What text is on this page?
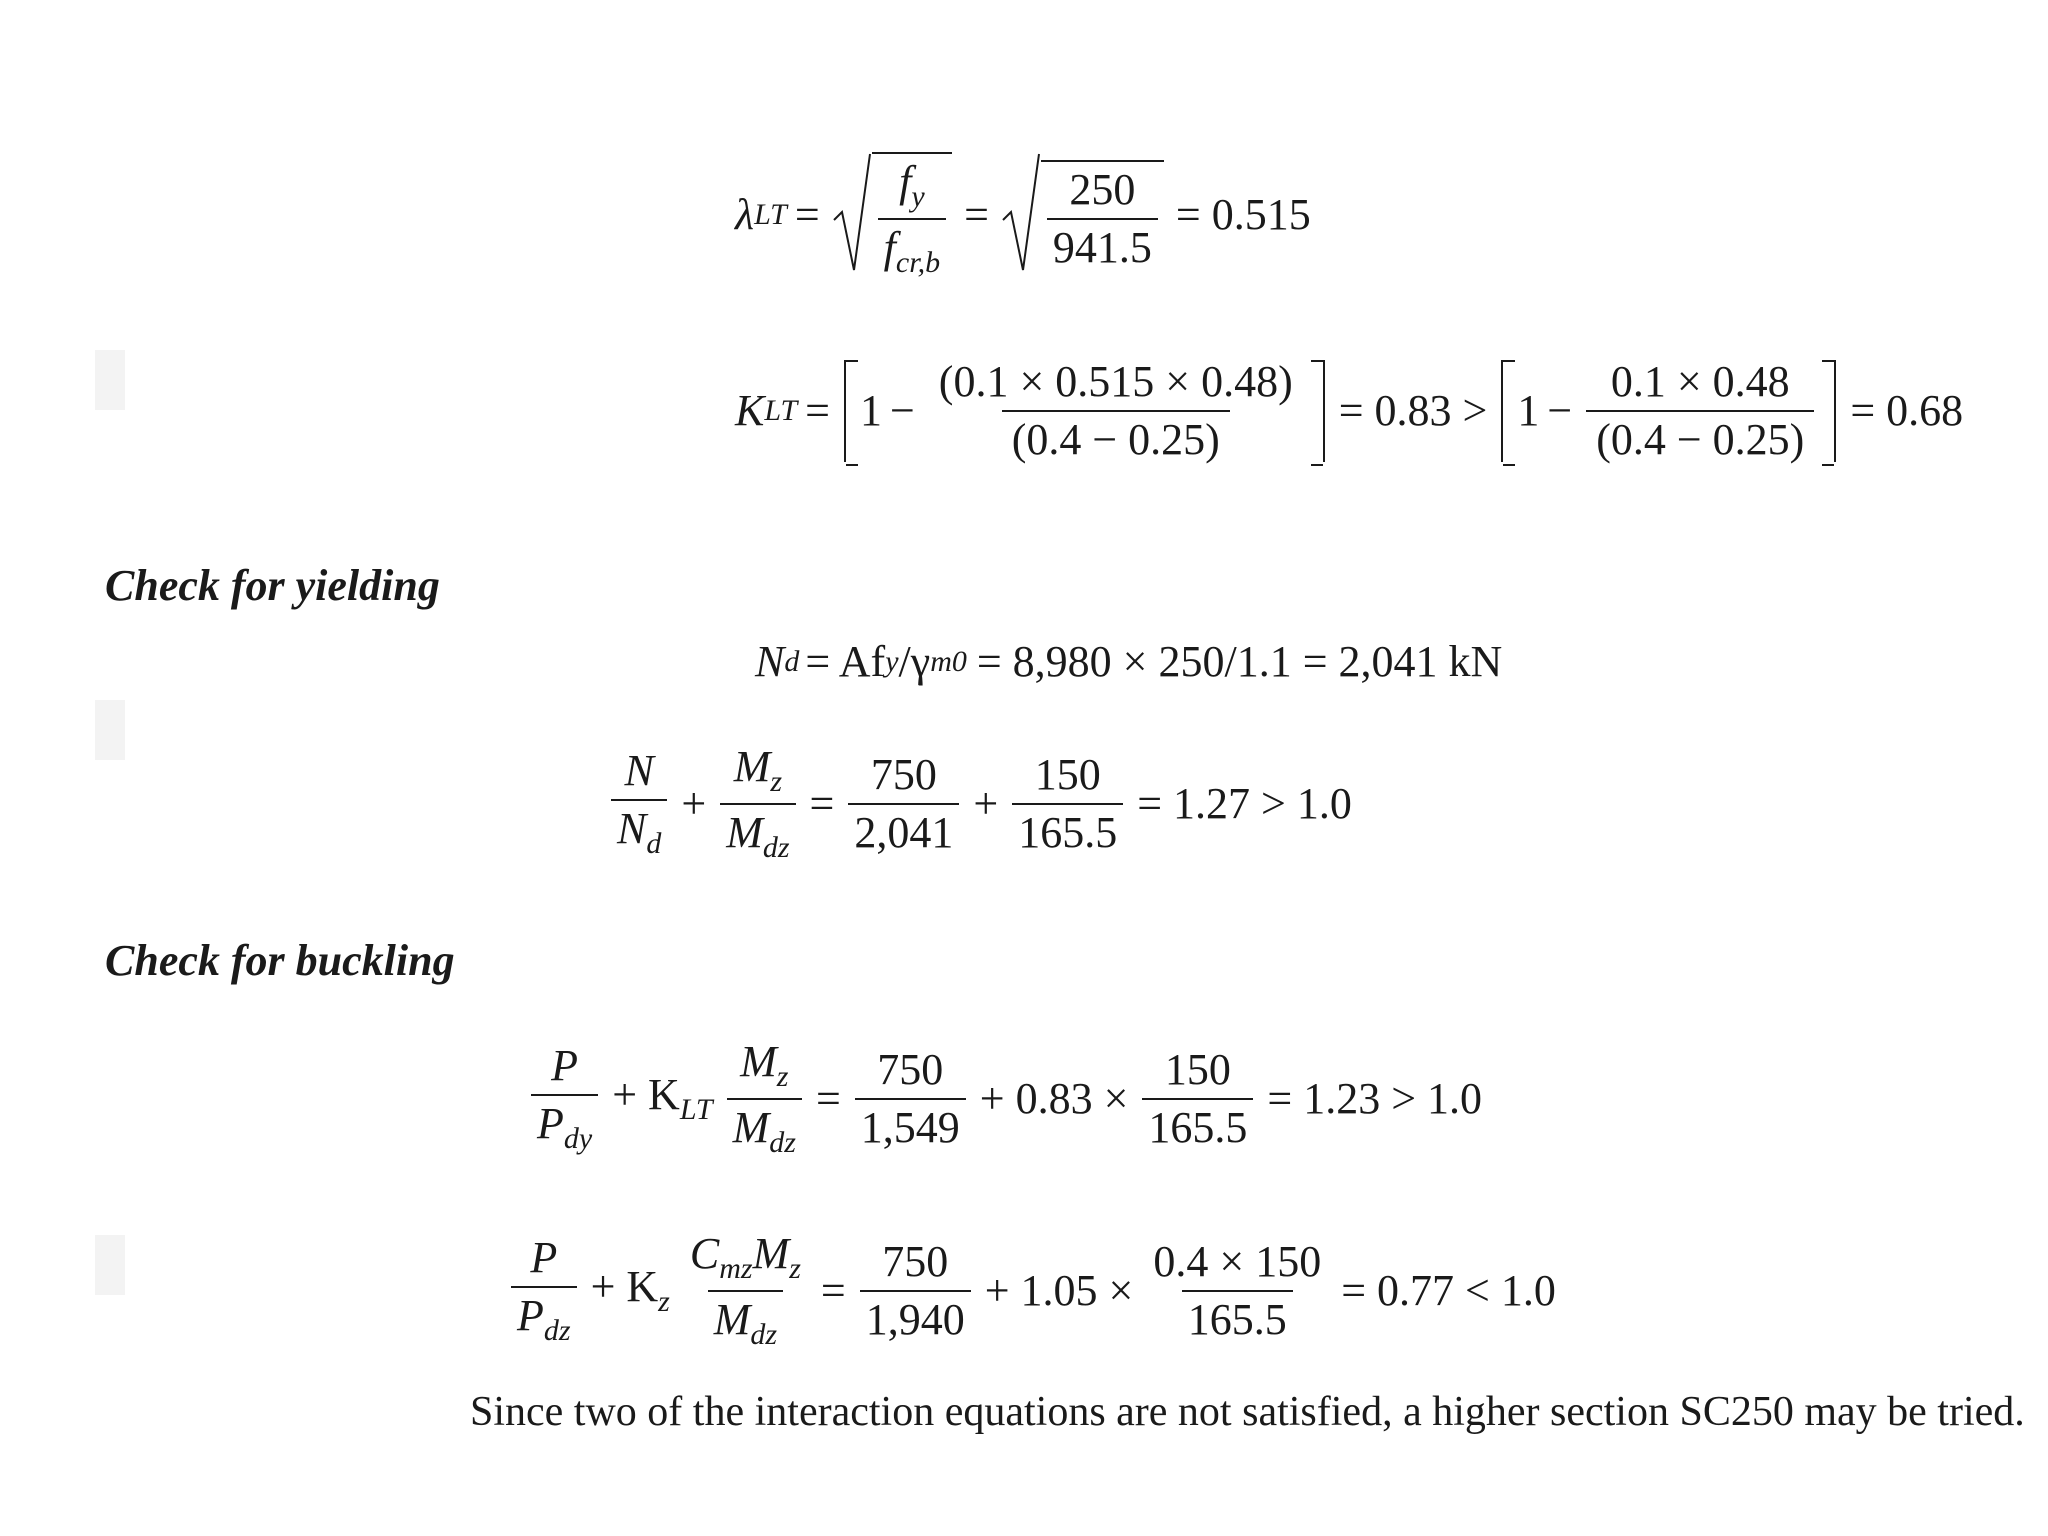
λ LT = $\frac{f_y}{f_{cr,b}} = \frac{250}{941.5} = 0.515$
K LT = $1 - \frac{(0.1 \times 0.515 \times 0.48)}{(0.4 - 0.25)} = 0.83 > 1 - \frac{0.1 \times 0.48}{(0.4 - 0.25)} = 0.68$
Check for yielding
N d = Af y /γ m0 = 8,980 × 250/1.1 = 2,041 kN
$\frac{N}{N_d} + \frac{M_z}{M_{dz}} = \frac{750}{2,041} + \frac{150}{165.5} = 1.27 > 1.0$
Check for buckling
$\frac{P}{P_{dy}} + K_{LT} \frac{M_z}{M_{dz}} = \frac{750}{1,549} + 0.83 \times \frac{150}{165.5} = 1.23 > 1.0$
$\frac{P}{P_{dz}} + K_z \frac{C_{mz}M_z}{M_{dz}} = \frac{750}{1,940} + 1.05 \times \frac{0.4 \times 150}{165.5} = 0.77 < 1.0$
Since two of the interaction equations are not satisfied, a higher section SC250 may be tried.
